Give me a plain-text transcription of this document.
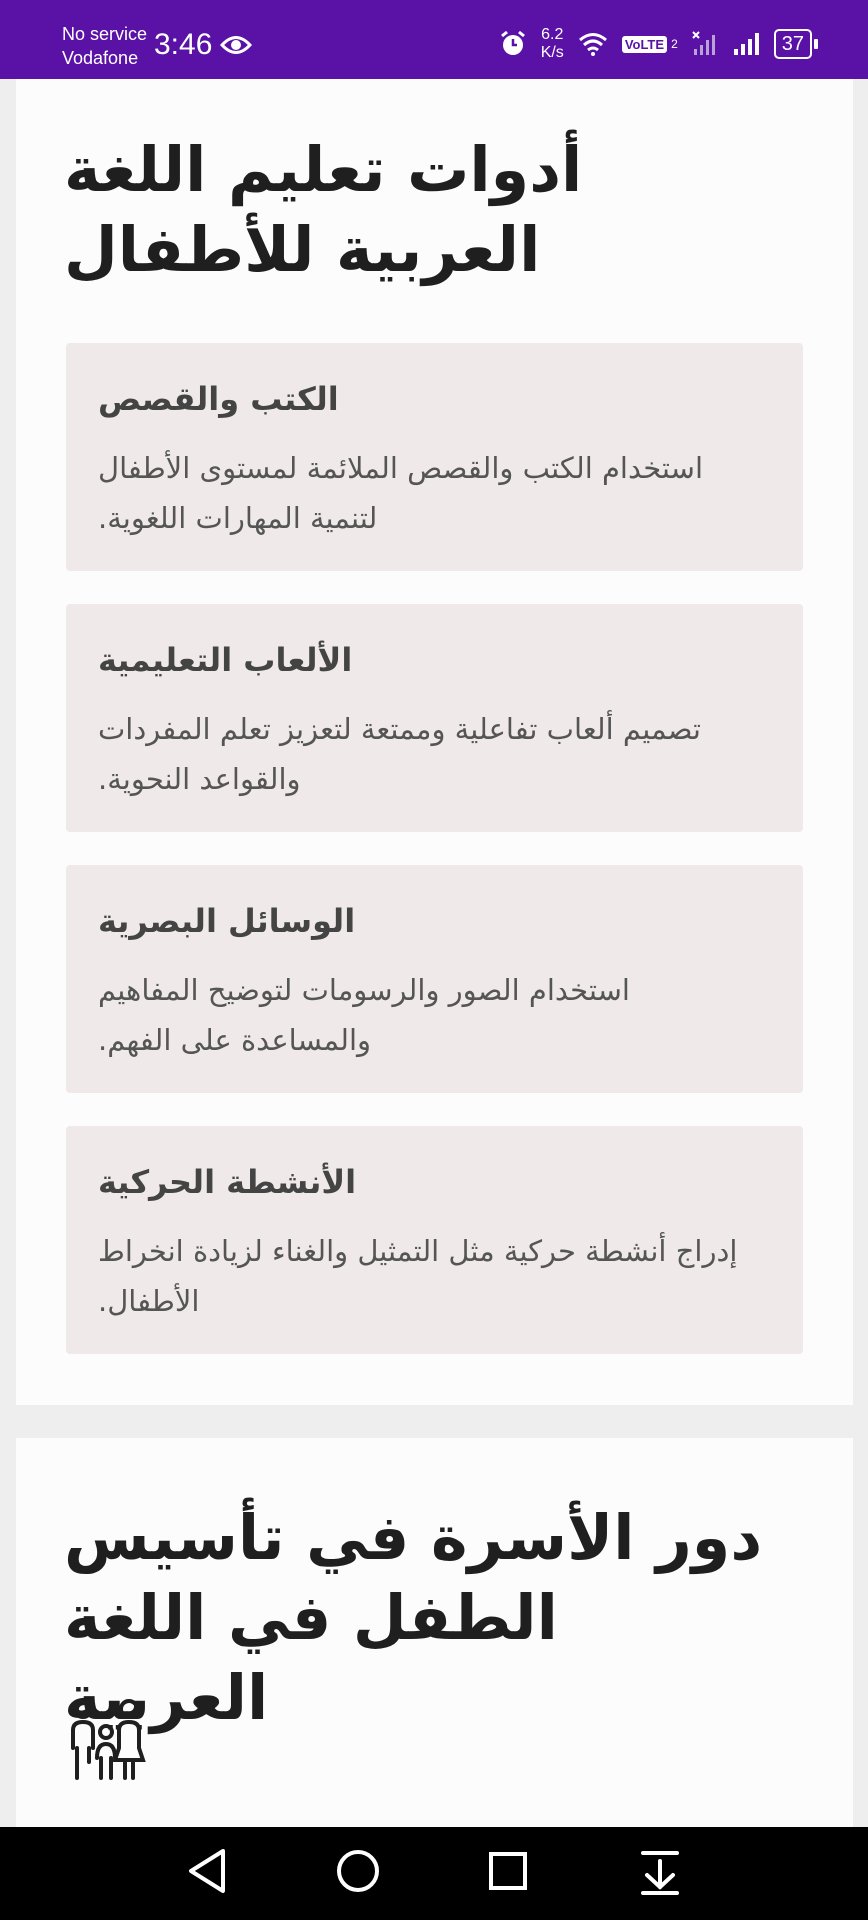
No service
Vodafone 3:46	6.2
K/s	VoLTE 2	37
أدوات تعليم اللغة العربية للأطفال
الكتب والقصص
استخدام الكتب والقصص الملائمة لمستوى الأطفال لتنمية المهارات اللغوية.
الألعاب التعليمية
تصميم ألعاب تفاعلية وممتعة لتعزيز تعلم المفردات والقواعد النحوية.
الوسائل البصرية
استخدام الصور والرسومات لتوضيح المفاهيم والمساعدة على الفهم.
الأنشطة الحركية
إدراج أنشطة حركية مثل التمثيل والغناء لزيادة انخراط الأطفال.
دور الأسرة في تأسيس الطفل في اللغة العربية
